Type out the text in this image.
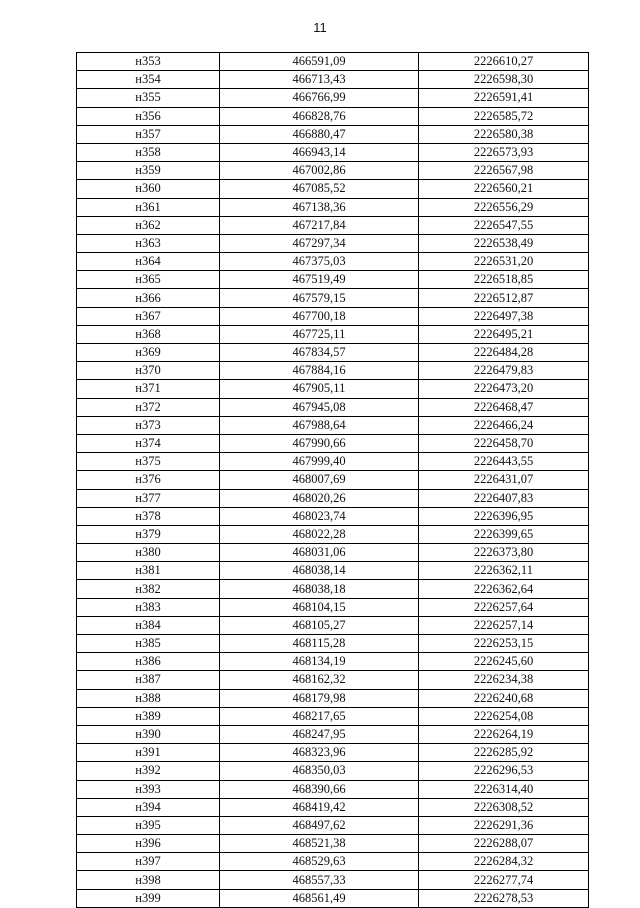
11
н353	466591,09	2226610,27
н354	466713,43	2226598,30
н355	466766,99	2226591,41
н356	466828,76	2226585,72
н357	466880,47	2226580,38
н358	466943,14	2226573,93
н359	467002,86	2226567,98
н360	467085,52	2226560,21
н361	467138,36	2226556,29
н362	467217,84	2226547,55
н363	467297,34	2226538,49
н364	467375,03	2226531,20
н365	467519,49	2226518,85
н366	467579,15	2226512,87
н367	467700,18	2226497,38
н368	467725,11	2226495,21
н369	467834,57	2226484,28
н370	467884,16	2226479,83
н371	467905,11	2226473,20
н372	467945,08	2226468,47
н373	467988,64	2226466,24
н374	467990,66	2226458,70
н375	467999,40	2226443,55
н376	468007,69	2226431,07
н377	468020,26	2226407,83
н378	468023,74	2226396,95
н379	468022,28	2226399,65
н380	468031,06	2226373,80
н381	468038,14	2226362,11
н382	468038,18	2226362,64
н383	468104,15	2226257,64
н384	468105,27	2226257,14
н385	468115,28	2226253,15
н386	468134,19	2226245,60
н387	468162,32	2226234,38
н388	468179,98	2226240,68
н389	468217,65	2226254,08
н390	468247,95	2226264,19
н391	468323,96	2226285,92
н392	468350,03	2226296,53
н393	468390,66	2226314,40
н394	468419,42	2226308,52
н395	468497,62	2226291,36
н396	468521,38	2226288,07
н397	468529,63	2226284,32
н398	468557,33	2226277,74
н399	468561,49	2226278,53
